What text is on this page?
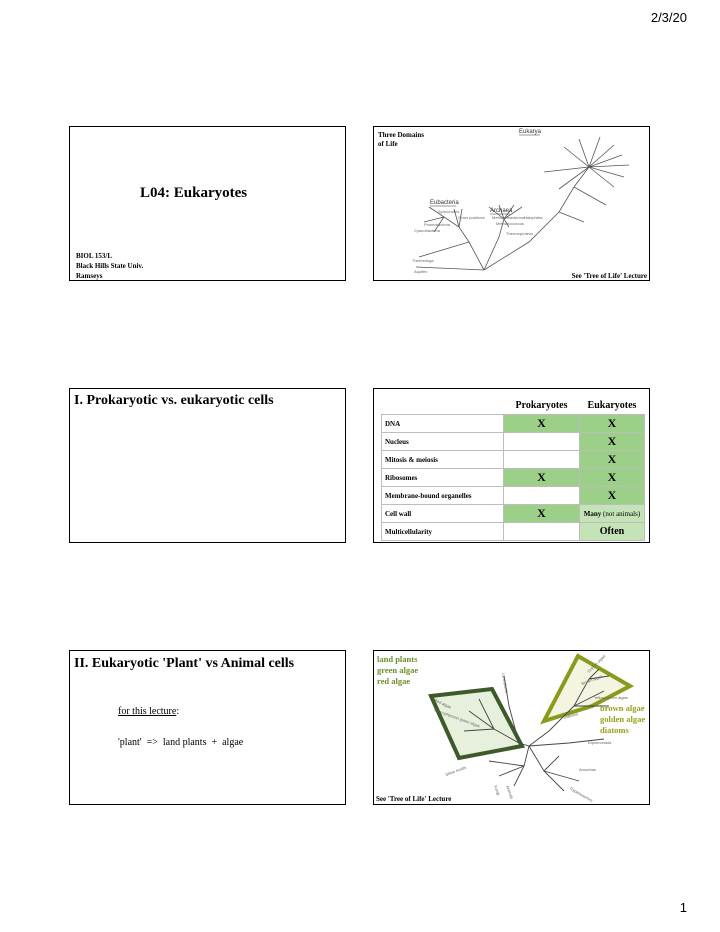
2/3/20
1
L04: Eukaryotes
BIOL 153/L
Black Hills State Univ.
Ramseys
Three Domains
of Life
Eukarya
Eubacteria
Archaea
Spirochetes
Gram positives
Proteobacteria
Cyanobacteria
Thermotoga
Aquifex
Methanobacterium
Halophiles
Methanococcus
Thermoproteus
See 'Tree of Life' Lecture
I. Prokaryotic vs. eukaryotic cells
		Prokaryotes	Eukaryotes
DNA	X	X
Nucleus		X
Mitosis & meiosis		X
Ribosomes	X	X
Membrane-bound organelles		X
Cell wall	X	Many (not animals)
Multicellularity		Often
II. Eukaryotic 'Plant' vs Animal cells
for this lecture:
'plant'  =>  land plants  +  algae
Red algae
Charophycean green algae
Land plants	Brown algae
Golden algae
Yellow-green algae
Diatoms
Slime molds
Fungi Animals	Trypanosomes
Amoebas
Diplomonads
land plants
green algae
red algae
brown algae
golden algae
diatoms
See 'Tree of Life' Lecture
